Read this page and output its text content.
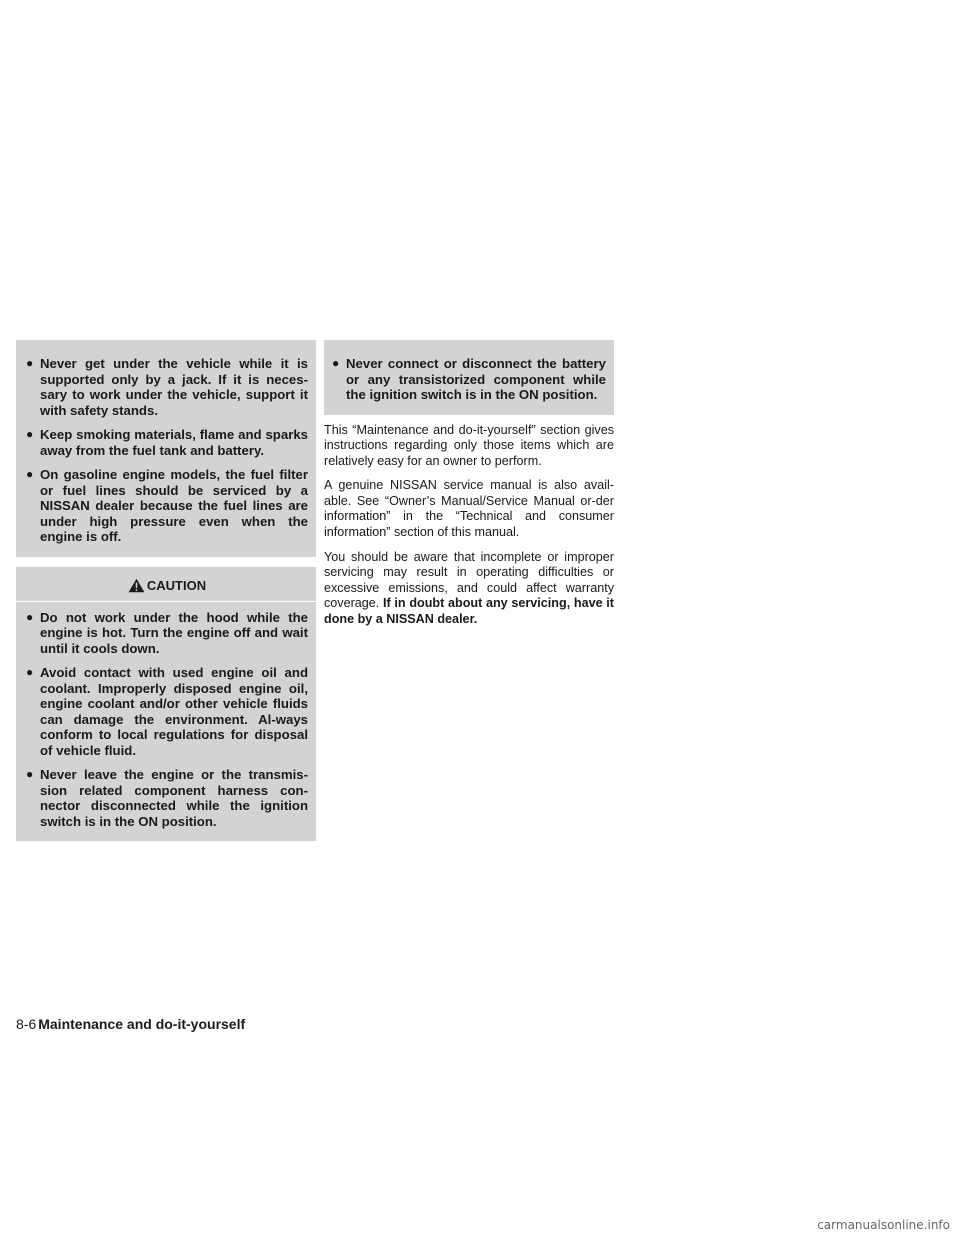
● Never get under the vehicle while it is supported only by a jack. If it is neces-sary to work under the vehicle, support it with safety stands.
● Keep smoking materials, flame and sparks away from the fuel tank and battery.
● On gasoline engine models, the fuel filter or fuel lines should be serviced by a NISSAN dealer because the fuel lines are under high pressure even when the engine is off.
CAUTION
● Do not work under the hood while the engine is hot. Turn the engine off and wait until it cools down.
● Avoid contact with used engine oil and coolant. Improperly disposed engine oil, engine coolant and/or other vehicle fluids can damage the environment. Al-ways conform to local regulations for disposal of vehicle fluid.
● Never leave the engine or the transmis-sion related component harness con-nector disconnected while the ignition switch is in the ON position.
● Never connect or disconnect the battery or any transistorized component while the ignition switch is in the ON position.

This “Maintenance and do-it-yourself” section gives instructions regarding only those items which are relatively easy for an owner to perform.

A genuine NISSAN service manual is also avail-able. See “Owner’s Manual/Service Manual or-der information” in the “Technical and consumer information” section of this manual.

You should be aware that incomplete or improper servicing may result in operating difficulties or excessive emissions, and could affect warranty coverage. If in doubt about any servicing, have it done by a NISSAN dealer.

8-6 Maintenance and do-it-yourself
carmanualsonline.info
